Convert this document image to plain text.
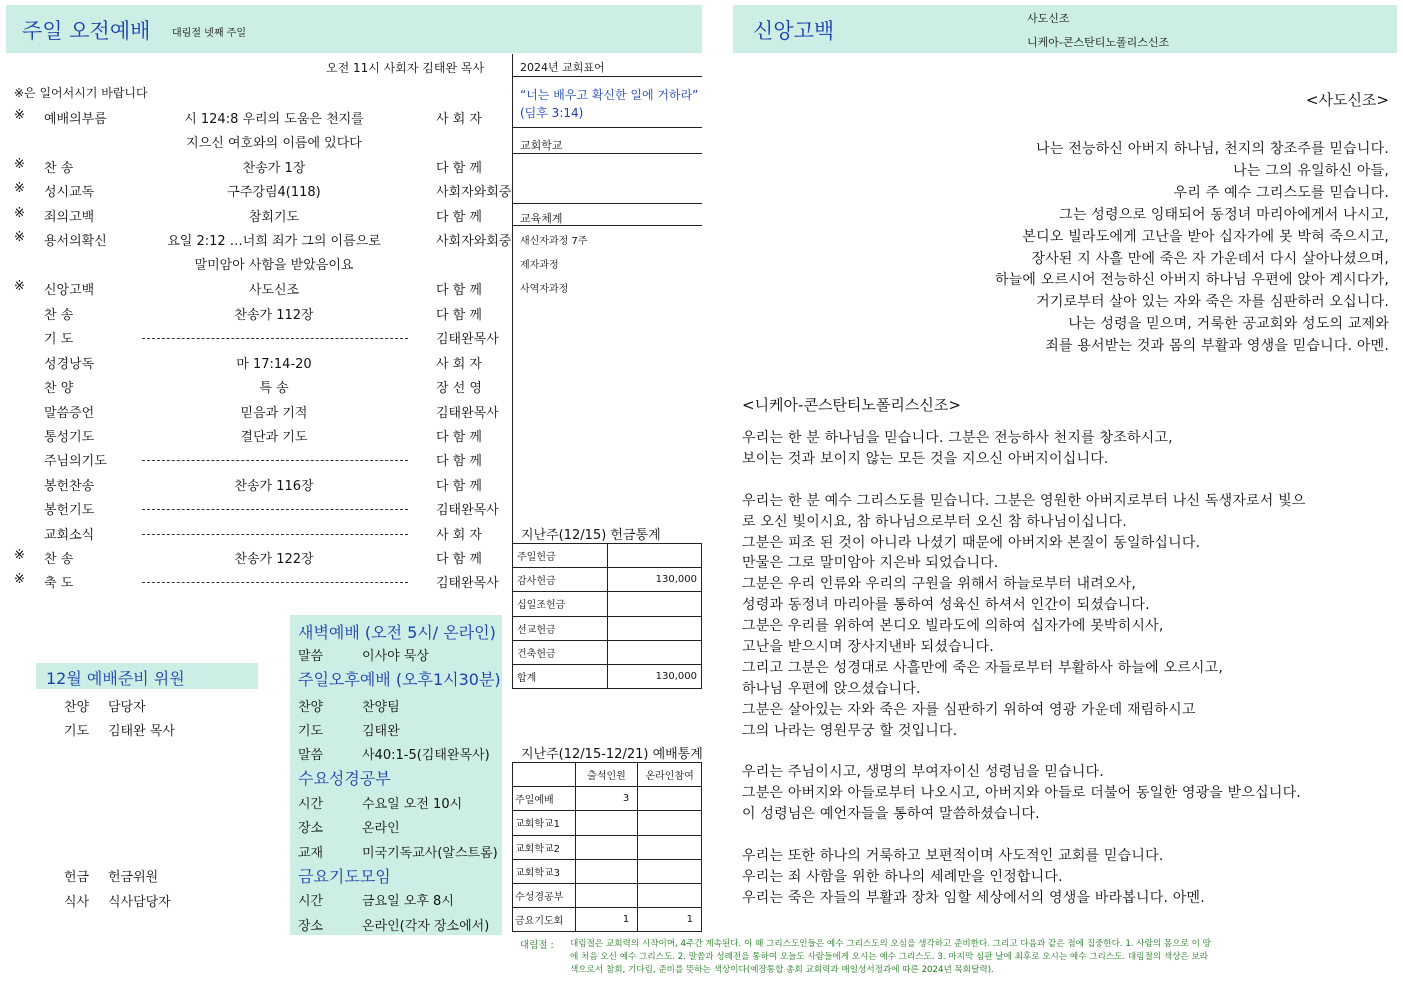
주일 오전예배 대림절 넷째 주일
오전 11시 사회자 김태완 목사
※은 일어서시기 바랍니다
※ 예배의부름	시 124:8 우리의 도움은 천지를	사 회 자
지으신 여호와의 이름에 있다다
※ 찬 송	찬송가 1장	다 함 께
※ 성시교독	구주강림4(118)	사회자와회중
※ 죄의고백	참회기도	다 함 께
※ 용서의확신	요일 2:12 …너희 죄가 그의 이름으로	사회자와회중
말미암아 사함을 받았음이요
※ 신앙고백	사도신조	다 함 께
찬 송	찬송가 112장	다 함 께
기 도	김태완목사
성경낭독	마 17:14-20	사 회 자
찬 양	특 송	장 선 영
말씀증언	믿음과 기적	김태완목사
통성기도	결단과 기도	다 함 께
주님의기도	다 함 께
봉헌찬송	찬송가 116장	다 함 께
봉헌기도	김태완목사
교회소식	사 회 자
※ 찬 송	찬송가 122장	다 함 께
※ 축 도	김태완목사
2024년 교회표어
“너는 배우고 확신한 일에 거하라” (딤후 3:14)
교회학교
교육체계
새신자과정 7주
제자과정
사역자과정
지난주(12/15) 헌금통계
주일헌금	
감사헌금	130,000
십일조헌금	
선교헌금	
건축헌금	
합계	130,000
지난주(12/15-12/21) 예배통계
	출석인원	온라인참여
주일예배	3	
교회학교1		
교회학교2		
교회학교3		
수성경공부		
금요기도회	1	1
12월 예배준비 위원
찬양 담당자
기도 김태완 목사
헌금 헌금위원
식사 식사담당자
새벽예배 (오전 5시/ 온라인)
말씀	이사야 묵상
주일오후예배 (오후1시30분)
찬양	찬양팀
기도	김태완
말씀	사40:1-5(김태완목사)
수요성경공부
시간	수요일 오전 10시
장소	온라인
교재	미국기독교사(알스트롬)
금요기도모임
시간	금요일 오후 8시
장소	온라인(각자 장소에서)
대림절 : 대림절은 교회력의 시작이며, 4주간 계속된다. 이 때 그리스도인들은 예수 그리스도의 오심을 생각하고 준비한다. 그리고 다음과 같은 점에 집중한다. 1. 사람의 몸으로 이 땅
에 처음 오신 예수 그리스도. 2. 말씀과 성례전을 통하여 오늘도 사람들에게 오시는 예수 그리스도. 3. 마지막 심판 날에 최후로 오시는 예수 그리스도. 대림절의 색상은 보라
색으로서 참회, 기다림, 준비를 뜻하는 색상이다(예장통합 총회 교회력과 매일성서정과에 따른 2024년 목회달력).
신앙고백
사도신조
니케아-콘스탄티노폴리스신조
<사도신조>
나는 전능하신 아버지 하나님, 천지의 창조주를 믿습니다.
나는 그의 유일하신 아들,
우리 주 예수 그리스도를 믿습니다.
그는 성령으로 잉태되어 동정녀 마리아에게서 나시고,
본디오 빌라도에게 고난을 받아 십자가에 못 박혀 죽으시고,
장사된 지 사흘 만에 죽은 자 가운데서 다시 살아나셨으며,
하늘에 오르시어 전능하신 아버지 하나님 우편에 앉아 계시다가,
거기로부터 살아 있는 자와 죽은 자를 심판하러 오십니다.
나는 성령을 믿으며, 거룩한 공교회와 성도의 교제와
죄를 용서받는 것과 몸의 부활과 영생을 믿습니다. 아멘.
<니케아-콘스탄티노폴리스신조>
우리는 한 분 하나님을 믿습니다. 그분은 전능하사 천지를 창조하시고,
보이는 것과 보이지 않는 모든 것을 지으신 아버지이십니다.
우리는 한 분 예수 그리스도를 믿습니다. 그분은 영원한 아버지로부터 나신 독생자로서 빛으
로 오신 빛이시요, 참 하나님으로부터 오신 참 하나님이십니다.
그분은 피조 된 것이 아니라 나셨기 때문에 아버지와 본질이 동일하십니다.
만물은 그로 말미암아 지은바 되었습니다.
그분은 우리 인류와 우리의 구원을 위해서 하늘로부터 내려오사,
성령과 동정녀 마리아를 통하여 성육신 하셔서 인간이 되셨습니다.
그분은 우리를 위하여 본디오 빌라도에 의하여 십자가에 못박히시사,
고난을 받으시며 장사지낸바 되셨습니다.
그리고 그분은 성경대로 사흘만에 죽은 자들로부터 부활하사 하늘에 오르시고,
하나님 우편에 앉으셨습니다.
그분은 살아있는 자와 죽은 자를 심판하기 위하여 영광 가운데 재림하시고
그의 나라는 영원무궁 할 것입니다.
우리는 주님이시고, 생명의 부여자이신 성령님을 믿습니다.
그분은 아버지와 아들로부터 나오시고, 아버지와 아들로 더불어 동일한 영광을 받으십니다.
이 성령님은 예언자들을 통하여 말씀하셨습니다.
우리는 또한 하나의 거룩하고 보편적이며 사도적인 교회를 믿습니다.
우리는 죄 사함을 위한 하나의 세례만을 인정합니다.
우리는 죽은 자들의 부활과 장차 임할 세상에서의 영생을 바라봅니다. 아멘.
